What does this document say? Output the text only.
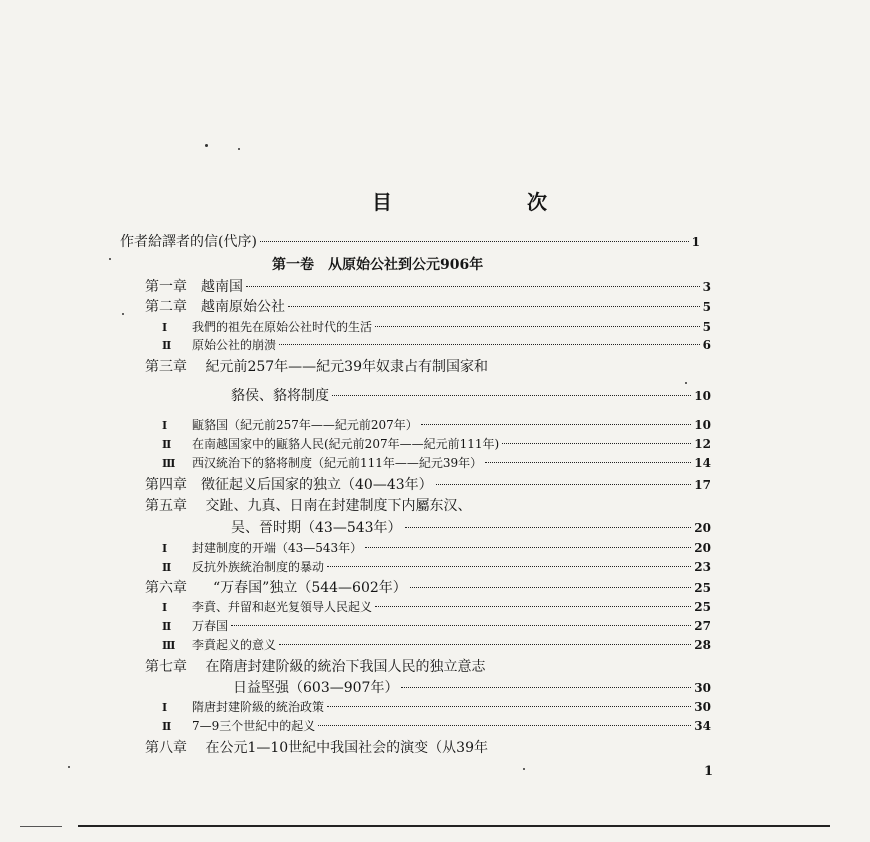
目 次
作者給譯者的信(代序)	1
第一卷　从原始公社到公元906年
第一章 越南国	3
第二章 越南原始公社	5
Ⅰ	我們的祖先在原始公社时代的生活	5
Ⅱ	原始公社的崩溃	6
第三章 紀元前257年——紀元39年奴隶占有制国家和
貉侯、貉将制度	10
Ⅰ	甌貉国（紀元前257年——紀元前207年）	10
Ⅱ	在南越国家中的甌貉人民(紀元前207年——紀元前111年)	12
Ⅲ	西汉統治下的貉将制度（紀元前111年——紀元39年）	14
第四章 徵征起义后国家的独立（40—43年）	17
第五章 交趾、九真、日南在封建制度下内屬东汉、
吴、晉时期（43—543年）	20
Ⅰ	封建制度的开端（43—543年）	20
Ⅱ	反抗外族統治制度的暴动	23
第六章 “万春国”独立（544—602年）	25
Ⅰ	李賁、幷留和赵光复領导人民起义	25
Ⅱ	万春国	27
Ⅲ	李賁起义的意义	28
第七章 在隋唐封建阶級的統治下我国人民的独立意志
日益堅强（603—907年）	30
Ⅰ	隋唐封建阶級的統治政策	30
Ⅱ	7—9三个世紀中的起义	34
第八章 在公元1—10世紀中我国社会的演变（从39年
1
